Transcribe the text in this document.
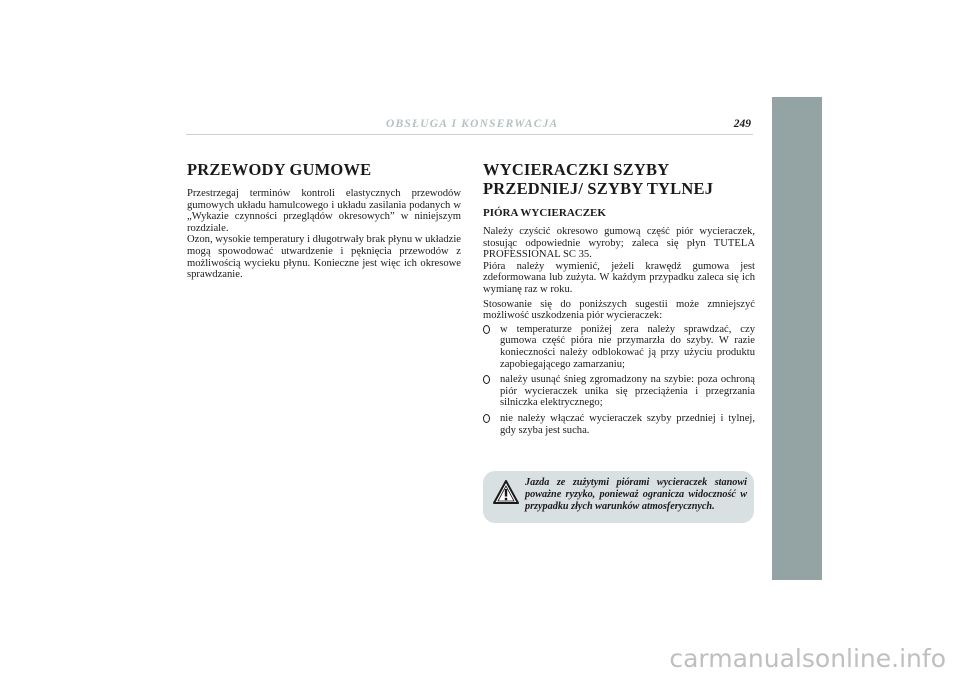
OBSŁUGA I KONSERWACJA	249
PRZEWODY GUMOWE

Przestrzegaj terminów kontroli elastycznych przewodów gumowych układu hamulcowego i układu zasilania podanych w „Wykazie czynności przeglądów okresowych” w niniejszym rozdziale.

Ozon, wysokie temperatury i długotrwały brak płynu w układzie mogą spowodować utwardzenie i pęknięcia przewodów z możliwością wycieku płynu. Konieczne jest więc ich okresowe sprawdzanie.

WYCIERACZKI SZYBY PRZEDNIEJ/ SZYBY TYLNEJ
PIÓRA WYCIERACZEK

Należy czyścić okresowo gumową część piór wycieraczek, stosując odpowiednie wyroby; zaleca się płyn TUTELA PROFESSIONAL SC 35.

Pióra należy wymienić, jeżeli krawędź gumowa jest zdeformowana lub zużyta. W każdym przypadku zaleca się ich wymianę raz w roku.

Stosowanie się do poniższych sugestii może zmniejszyć możliwość uszkodzenia piór wycieraczek:

w temperaturze poniżej zera należy sprawdzać, czy gumowa część pióra nie przymarzła do szyby. W razie konieczności należy odblokować ją przy użyciu produktu zapobiegającego zamarzaniu;
należy usunąć śnieg zgromadzony na szybie: poza ochroną piór wycieraczek unika się przeciążenia i przegrzania silniczka elektrycznego;
nie należy włączać wycieraczek szyby przedniej i tylnej, gdy szyba jest sucha.
Jazda ze zużytymi piórami wycieraczek stanowi poważne ryzyko, ponieważ ogranicza widoczność w przypadku złych warunków atmosferycznych.
carmanualsonline.info
